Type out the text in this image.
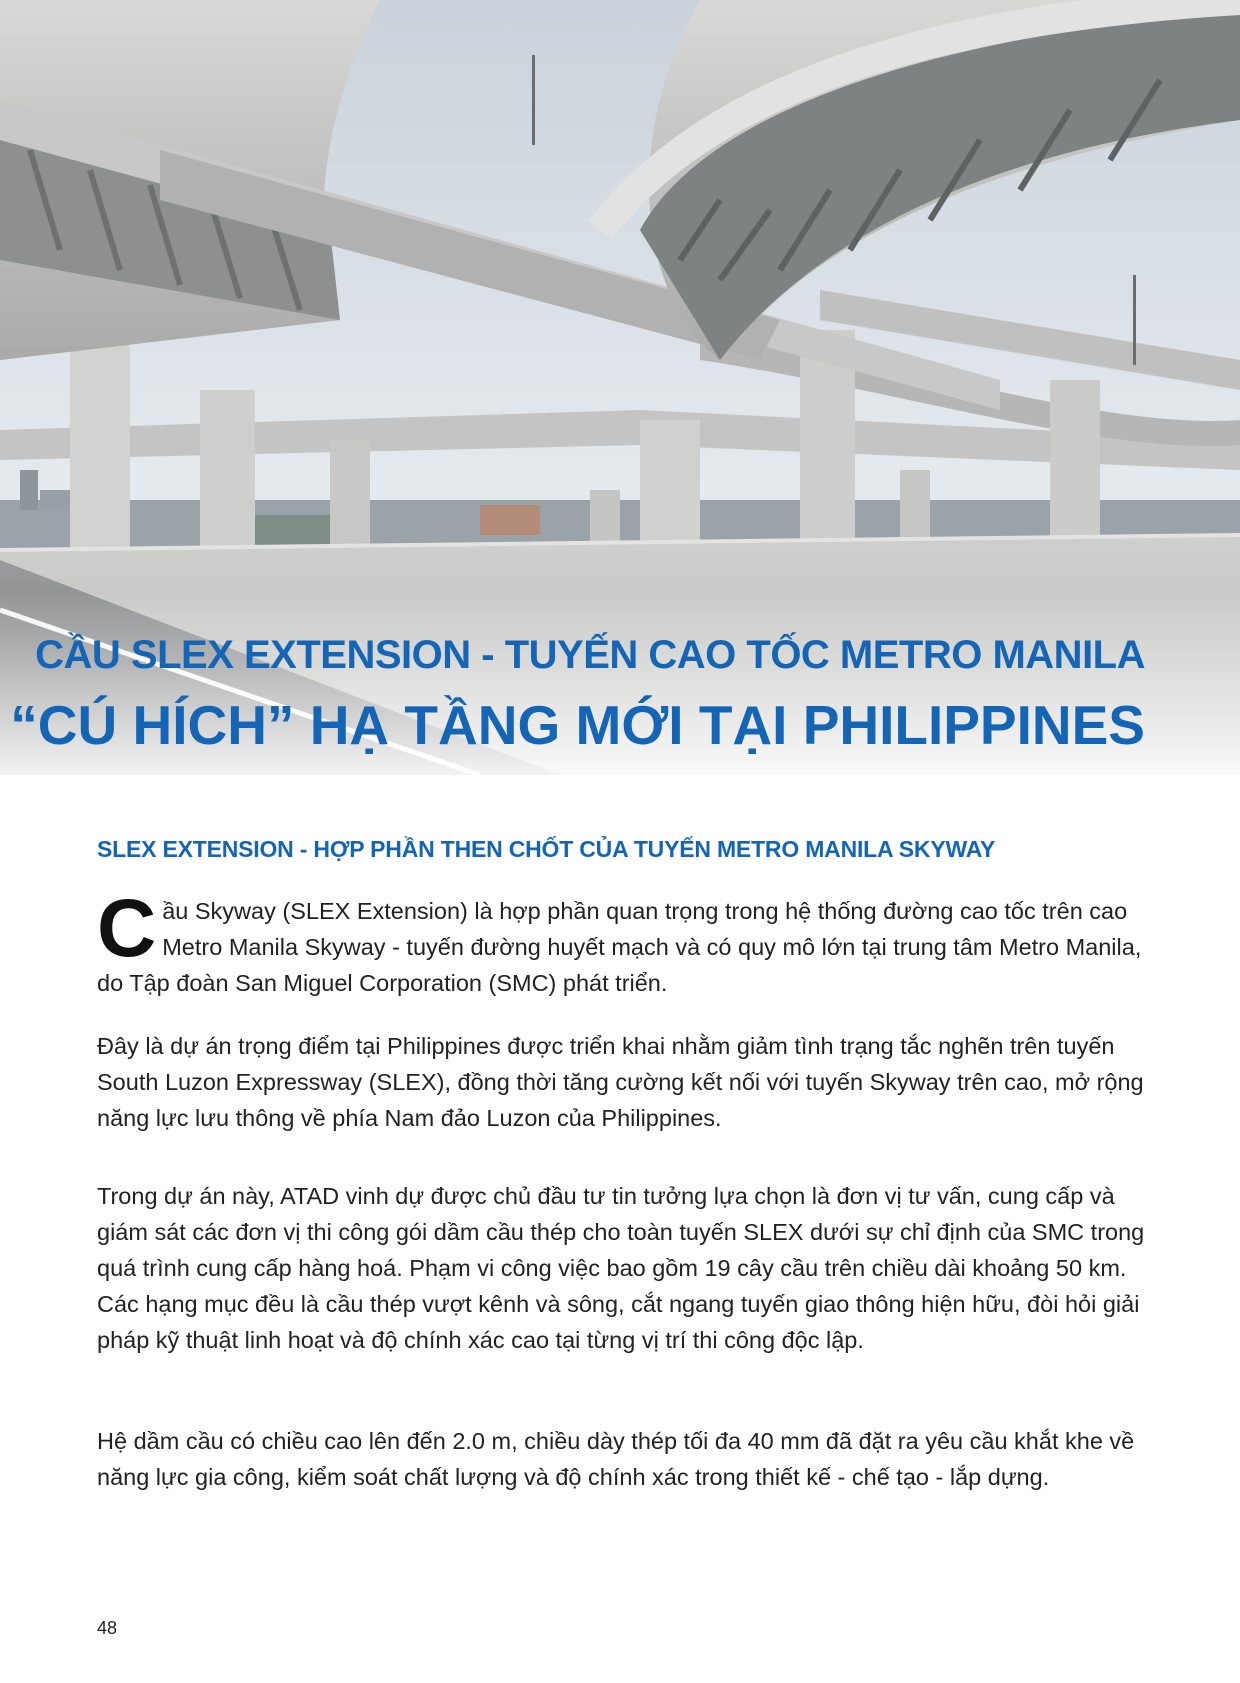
CẦU SLEX EXTENSION - TUYẾN CAO TỐC METRO MANILA
“CÚ HÍCH” HẠ TẦNG MỚI TẠI PHILIPPINES
SLEX EXTENSION - HỢP PHẦN THEN CHỐT CỦA TUYẾN METRO MANILA SKYWAY

Cầu Skyway (SLEX Extension) là hợp phần quan trọng trong hệ thống đường cao tốc trên cao Metro Manila Skyway - tuyến đường huyết mạch và có quy mô lớn tại trung tâm Metro Manila, do Tập đoàn San Miguel Corporation (SMC) phát triển.

Đây là dự án trọng điểm tại Philippines được triển khai nhằm giảm tình trạng tắc nghẽn trên tuyến South Luzon Expressway (SLEX), đồng thời tăng cường kết nối với tuyến Skyway trên cao, mở rộng năng lực lưu thông về phía Nam đảo Luzon của Philippines.

Trong dự án này, ATAD vinh dự được chủ đầu tư tin tưởng lựa chọn là đơn vị tư vấn, cung cấp và giám sát các đơn vị thi công gói dầm cầu thép cho toàn tuyến SLEX dưới sự chỉ định của SMC trong quá trình cung cấp hàng hoá. Phạm vi công việc bao gồm 19 cây cầu trên chiều dài khoảng 50 km. Các hạng mục đều là cầu thép vượt kênh và sông, cắt ngang tuyến giao thông hiện hữu, đòi hỏi giải pháp kỹ thuật linh hoạt và độ chính xác cao tại từng vị trí thi công độc lập.

Hệ dầm cầu có chiều cao lên đến 2.0 m, chiều dày thép tối đa 40 mm đã đặt ra yêu cầu khắt khe về năng lực gia công, kiểm soát chất lượng và độ chính xác trong thiết kế - chế tạo - lắp dựng.

48
